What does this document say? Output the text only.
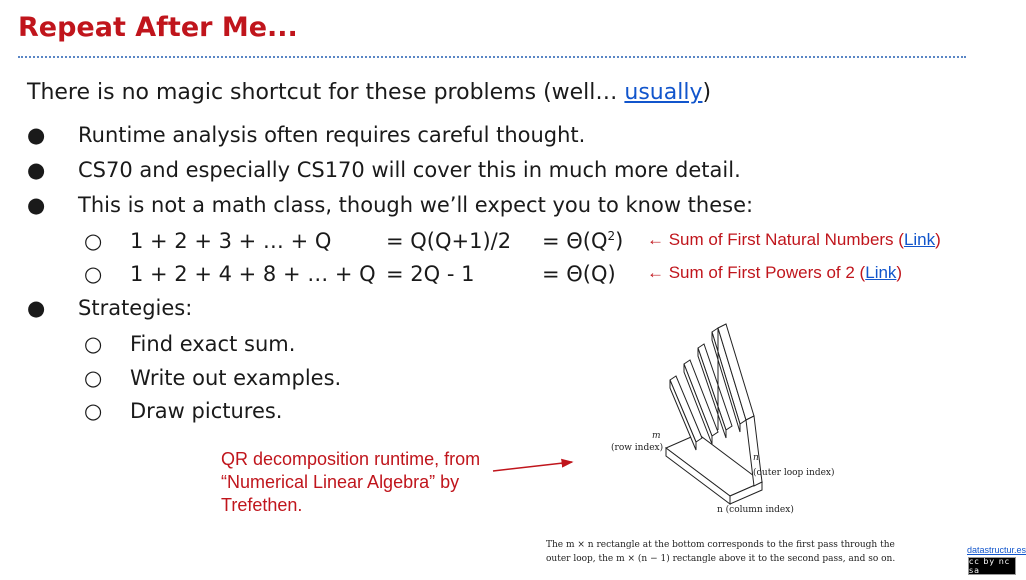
Repeat After Me...
There is no magic shortcut for these problems (well… usually)
● Runtime analysis often requires careful thought.
● CS70 and especially CS170 will cover this in much more detail.
● This is not a math class, though we’ll expect you to know these:
○ 1 + 2 + 3 + … + Q	= $Q(Q+1)/2 = \Theta(Q^2)$ ← Sum of First Natural Numbers (Link)
○ 1 + 2 + 4 + 8 + … + Q = 2Q - 1	= Θ(Q) ← Sum of First Powers of 2 (Link)
● Strategies:
○ Find exact sum.
○ Write out examples.
○ Draw pictures.
QR decomposition runtime, from “Numerical Linear Algebra” by Trefethen.
m
(row index)
n
(outer loop index)
n (column index)
The m × n rectangle at the bottom corresponds to the first pass through the
outer loop, the m × (n − 1) rectangle above it to the second pass, and so on.
datastructur.es
cc by nc sa
